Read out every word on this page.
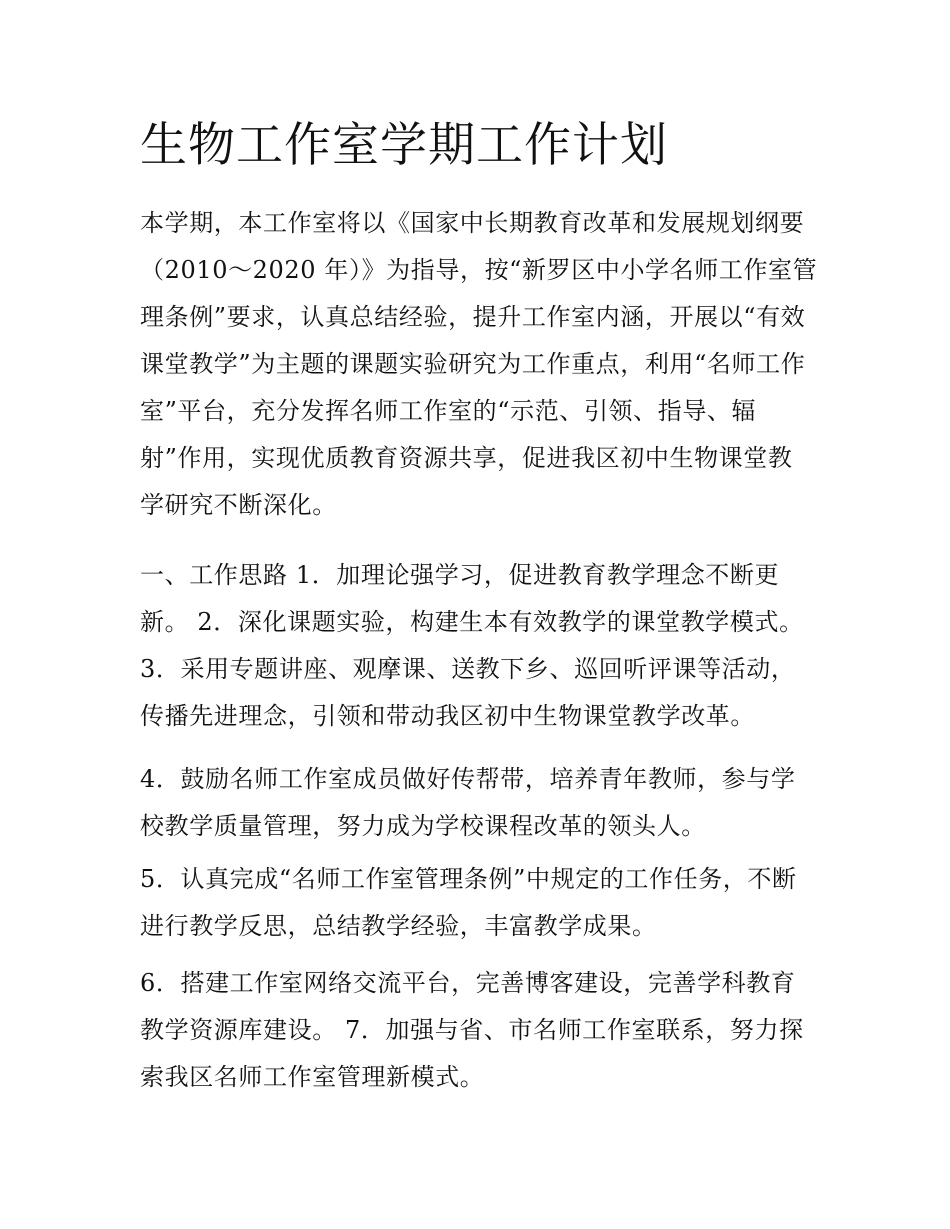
生物工作室学期工作计划
本学期，本工作室将以《国家中长期教育改革和发展规划纲要
（2010～2020 年）》为指导，按“新罗区中小学名师工作室管
理条例”要求，认真总结经验，提升工作室内涵，开展以“有效
课堂教学”为主题的课题实验研究为工作重点，利用“名师工作
室”平台，充分发挥名师工作室的“示范、引领、指导、辐
射”作用，实现优质教育资源共享，促进我区初中生物课堂教
学研究不断深化。
一、工作思路 1．加理论强学习，促进教育教学理念不断更
新。 2．深化课题实验，构建生本有效教学的课堂教学模式。
3．采用专题讲座、观摩课、送教下乡、巡回听评课等活动，
传播先进理念，引领和带动我区初中生物课堂教学改革。
4．鼓励名师工作室成员做好传帮带，培养青年教师，参与学
校教学质量管理，努力成为学校课程改革的领头人。
5．认真完成“名师工作室管理条例”中规定的工作任务，不断
进行教学反思，总结教学经验，丰富教学成果。
6．搭建工作室网络交流平台，完善博客建设，完善学科教育
教学资源库建设。 7．加强与省、市名师工作室联系，努力探
索我区名师工作室管理新模式。
